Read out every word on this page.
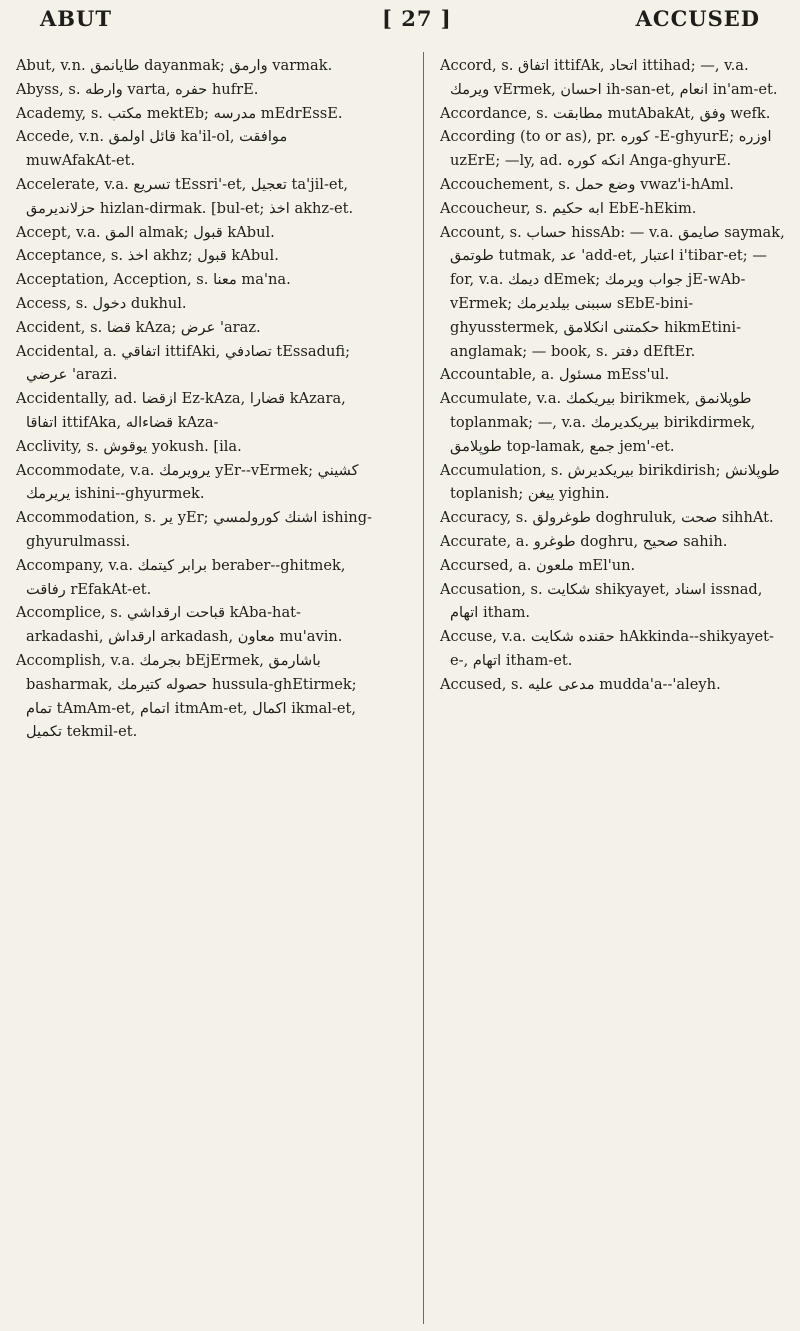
ABUT	[ 27 ]	ACCUSED
Abut, v.n. طايانمق dayanmak; وارمق varmak.
Abyss, s. وارطه varta, حفره hufrE.
Academy, s. مكتب mektEb; مدرسه mEdrEssE.
Accede, v.n. قائل اولمق ka'il-ol, موافقت muwAfakAt-et.
Accelerate, v.a. تسريع tEssri'-et, تعجيل ta'jil-et, حزلانديرمق hizlan-dirmak. [bul-et; اخذ akhz-et.
Accept, v.a. المق almak; قبول kAbul.
Acceptance, s. اخذ akhz; قبول kAbul.
Acceptation, Acception, s. معنا ma'na.
Access, s. دخول dukhul.
Accident, s. قضا kAza; عرض 'araz.
Accidental, a. اتفاقي ittifAki, تصادفي tEssadufi; عرضي 'arazi.
Accidentally, ad. ازقضا Ez-kAza, قضارا kAzara, اتفاقا ittifAka, قضاءاله kAza-
Acclivity, s. يوقوش yokush. [ila.
Accommodate, v.a. يرويرمك yEr--vErmek; كشيني يريرمك ishini--ghyurmek.
Accommodation, s. ير yEr; اشنك كورولمسي ishing-ghyurulmassi.
Accompany, v.a. برابر كيتمك beraber--ghitmek, رفاقت rEfakAt-et.
Accomplice, s. قباحت ارقداشي kAba-hat-arkadashi, ارقداش arkadash, معاون mu'avin.
Accomplish, v.a. بجرمك bEjErmek, باشارمق basharmak, حصوله كتيرمك hussula-ghEtirmek; تمام tAmAm-et, اتمام itmAm-et, اكمال ikmal-et, تكميل tekmil-et.
Accord, s. اتفاق ittifAk, اتحاد ittihad; —, v.a. ويرمك vErmek, احسان ih-san-et, انعام in'am-et.
Accordance, s. مطابقت mutAbakAt, وفق wefk.
According (to or as), pr. كوره -E-ghyurE; اوزره uzErE; —ly, ad. انكه كوره Anga-ghyurE.
Accouchement, s. وضع حمل vwaz'i-hAml.
Accoucheur, s. ابه حكيم EbE-hEkim.
Account, s. حساب hissAb: — v.a. صايمق saymak, طوتمق tutmak, عد 'add-et, اعتبار i'tibar-et; — for, v.a. ديمك dEmek; جواب ويرمك jE-wAb-vErmek; سببنى بيلديرمك sEbE-bini-ghyusstermek, حكمتنى انكلامق hikmEtini-anglamak; — book, s. دفتر dEftEr.
Accountable, a. مسئول mEss'ul.
Accumulate, v.a. بيريكمك birikmek, طوپلانمق toplanmak; —, v.a. بيريكديرمك birikdirmek, طوپلامق top-lamak, جمع jem'-et.
Accumulation, s. بيريكديرش birikdirish; طوپلانش toplanish; ييغن yighin.
Accuracy, s. طوغرولق doghruluk, صحت sihhAt.
Accurate, a. طوغرو doghru, صحيح sahih.
Accursed, a. ملعون mEl'un.
Accusation, s. شكايت shikyayet, اسناد issnad, اتهام itham.
Accuse, v.a. حقنده شكايت hAkkinda--shikyayet-e-, اتهام itham-et.
Accused, s. مدعى عليه mudda'a--'aleyh.
